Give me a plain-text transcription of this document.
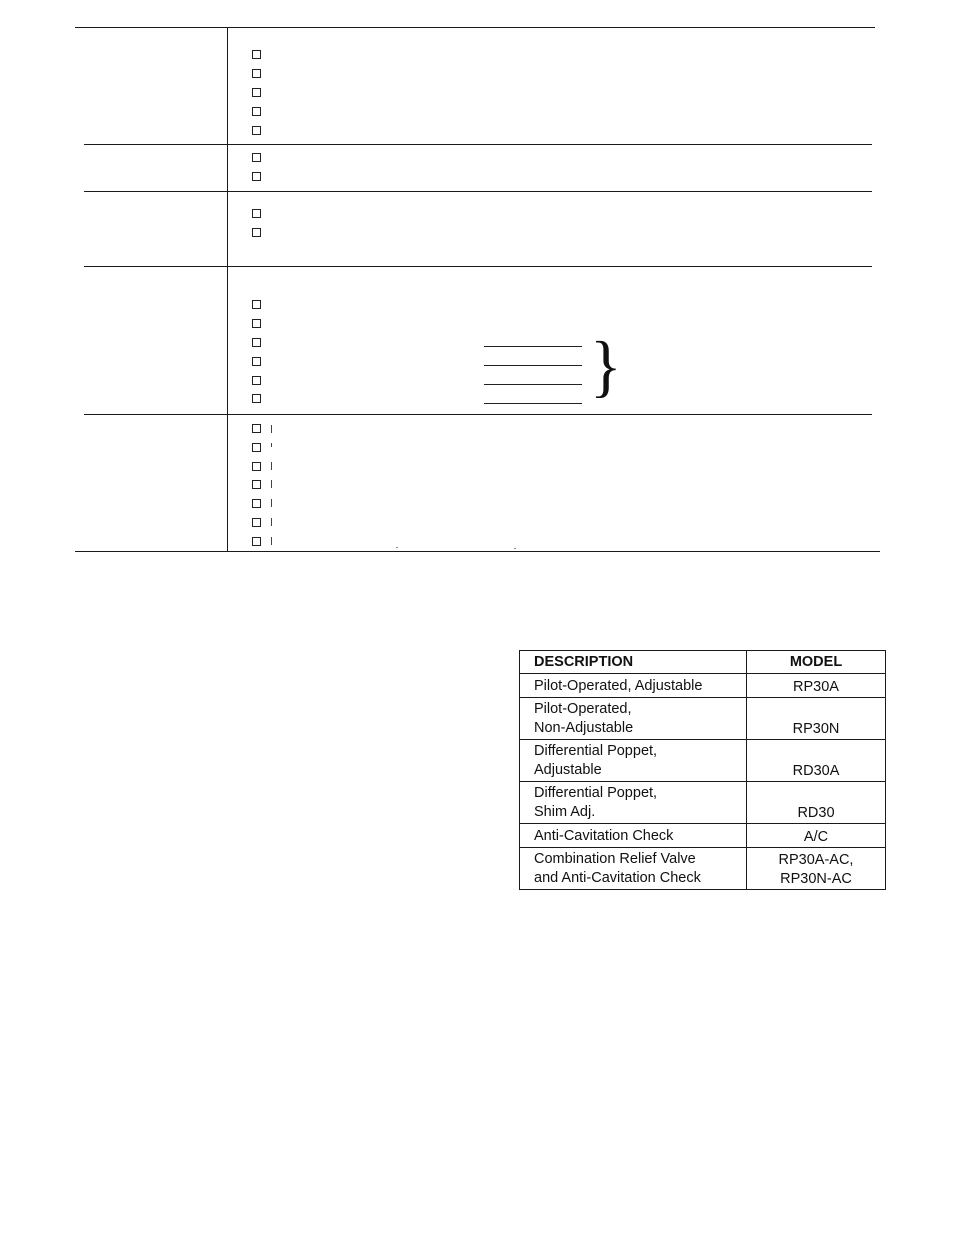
}
DESCRIPTION	MODEL

Pilot-Operated, Adjustable	RP30A

Pilot-Operated,
Non-Adjustable	RP30N

Differential Poppet,
Adjustable	RD30A

Differential Poppet,
Shim Adj.	RD30

Anti-Cavitation Check	A/C

Combination Relief Valve
and Anti-Cavitation Check	RP30A-AC,
RP30N-AC
